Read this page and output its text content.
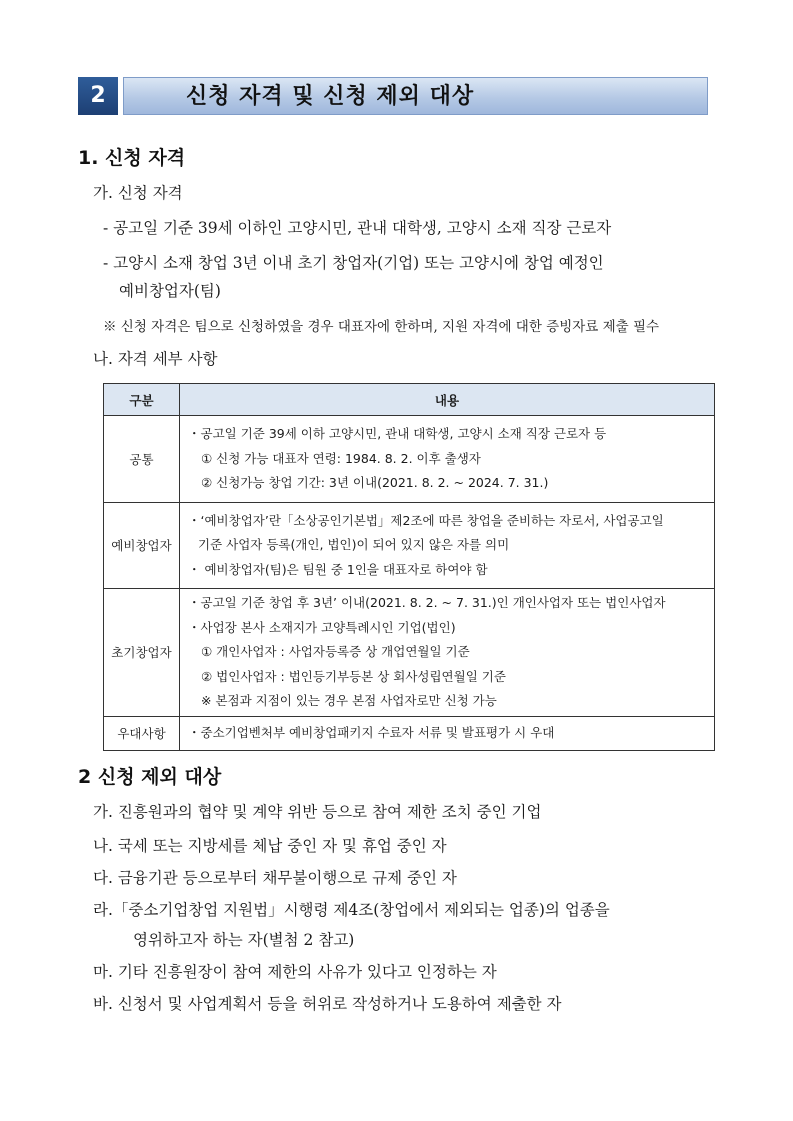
2	신청 자격 및 신청 제외 대상
1. 신청 자격
가. 신청 자격
- 공고일 기준 39세 이하인 고양시민, 관내 대학생, 고양시 소재 직장 근로자
- 고양시 소재 창업 3년 이내 초기 창업자(기업) 또는 고양시에 창업 예정인
예비창업자(팀)
※ 신청 자격은 팀으로 신청하였을 경우 대표자에 한하며, 지원 자격에 대한 증빙자료 제출 필수
나. 자격 세부 사항
구분	내용
공통	・공고일 기준 39세 이하 고양시민, 관내 대학생, 고양시 소재 직장 근로자 등
① 신청 가능 대표자 연령: 1984. 8. 2. 이후 출생자
② 신청가능 창업 기간: 3년 이내(2021. 8. 2. ~ 2024. 7. 31.)

예비창업자	・‘예비창업자’란「소상공인기본법」제2조에 따른 창업을 준비하는 자로서, 사업공고일
기준 사업자 등록(개인, 법인)이 되어 있지 않은 자를 의미
・ 예비창업자(팀)은 팀원 중 1인을 대표자로 하여야 함

초기창업자	・공고일 기준 창업 후 3년’ 이내(2021. 8. 2. ~ 7. 31.)인 개인사업자 또는 법인사업자
・사업장 본사 소재지가 고양특례시인 기업(법인)
① 개인사업자 : 사업자등록증 상 개업연월일 기준
② 법인사업자 : 법인등기부등본 상 회사성립연월일 기준
※ 본점과 지점이 있는 경우 본점 사업자로만 신청 가능

우대사항	・중소기업벤처부 예비창업패키지 수료자 서류 및 발표평가 시 우대
2 신청 제외 대상
가. 진흥원과의 협약 및 계약 위반 등으로 참여 제한 조치 중인 기업
나. 국세 또는 지방세를 체납 중인 자 및 휴업 중인 자
다. 금융기관 등으로부터 채무불이행으로 규제 중인 자
라.「중소기업창업 지원법」시행령 제4조(창업에서 제외되는 업종)의 업종을
영위하고자 하는 자(별첨 2 참고)
마. 기타 진흥원장이 참여 제한의 사유가 있다고 인정하는 자
바. 신청서 및 사업계획서 등을 허위로 작성하거나 도용하여 제출한 자
